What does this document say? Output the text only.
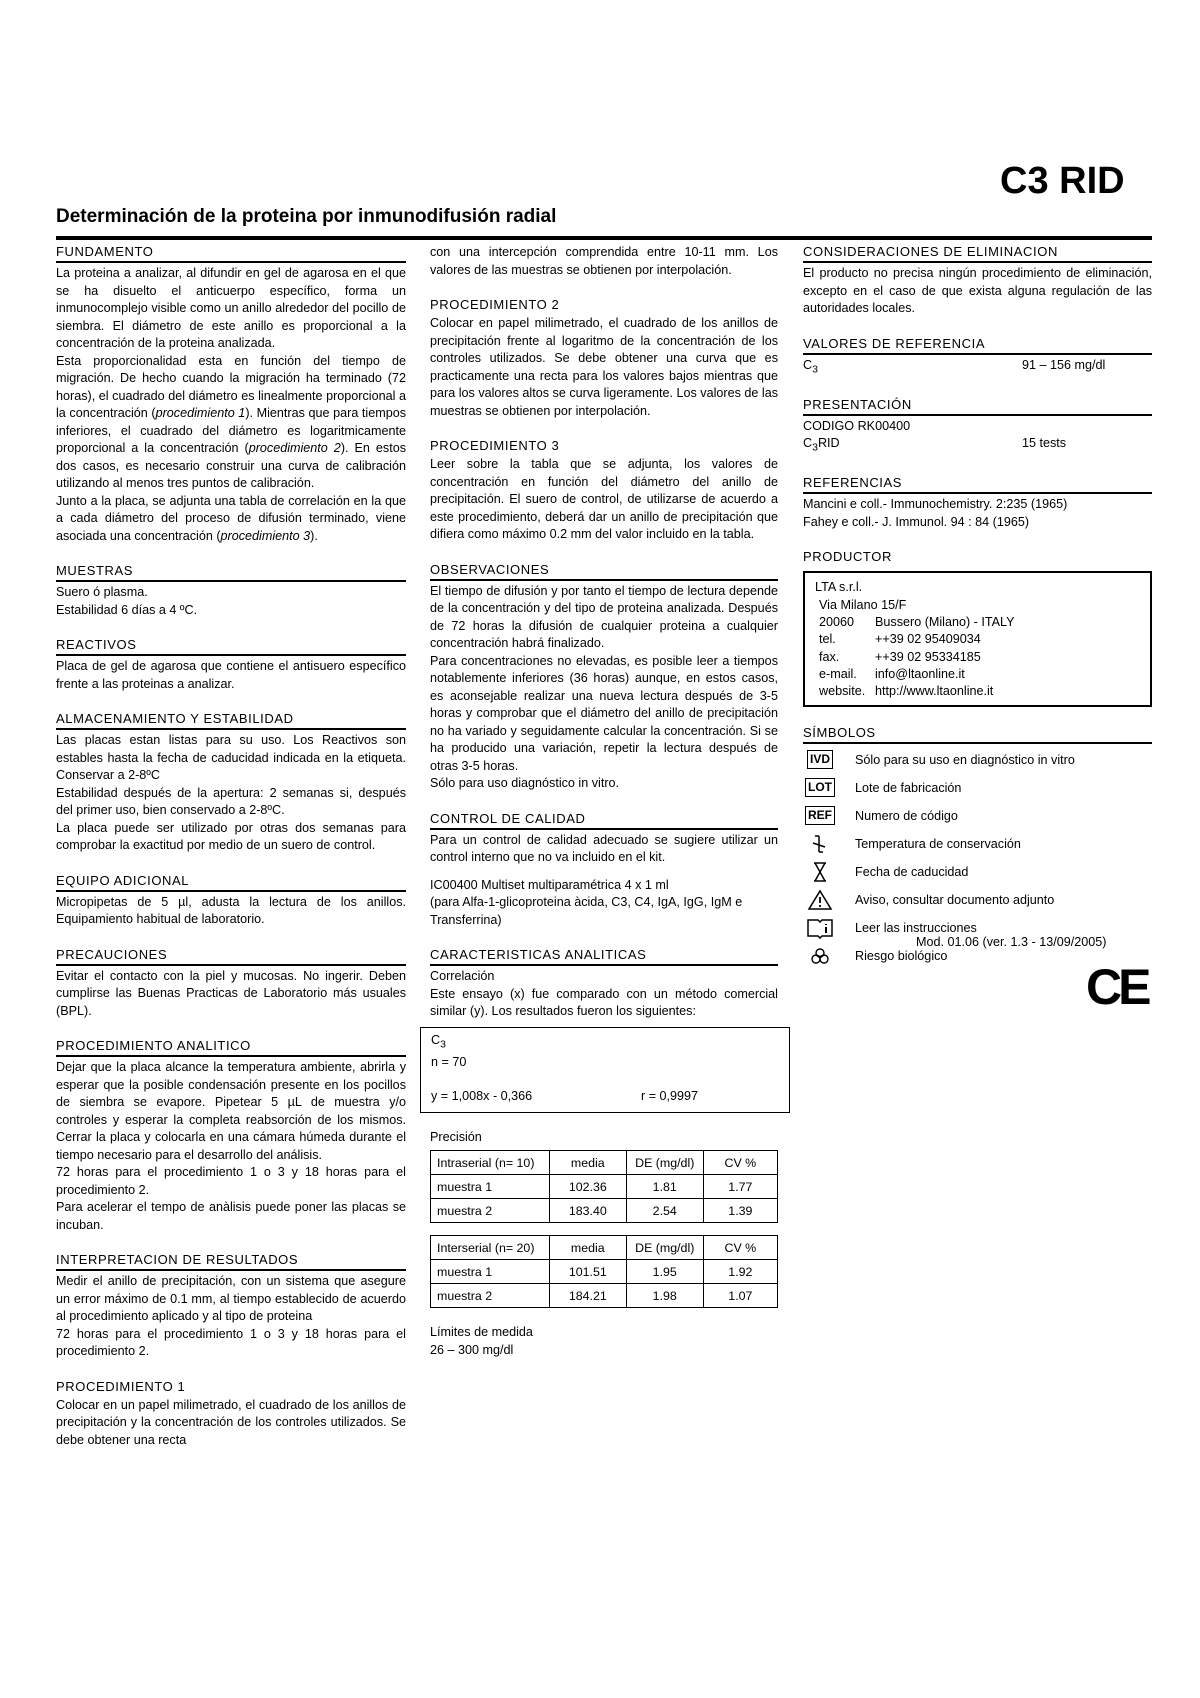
C3 RID
Determinación de la proteina por inmunodifusión radial
FUNDAMENTO

La proteina a analizar, al difundir en gel de agarosa en el que se ha disuelto el anticuerpo específico, forma un inmunocomplejo visible como un anillo alrededor del pocillo de siembra. El diámetro de este anillo es proporcional a la concentración de la proteina analizada.

Esta proporcionalidad esta en función del tiempo de migración. De hecho cuando la migración ha terminado (72 horas), el cuadrado del diámetro es linealmente proporcional a la concentración (procedimiento 1). Mientras que para tiempos inferiores, el cuadrado del diámetro es logaritmicamente proporcional a la concentración (procedimiento 2). En estos dos casos, es necesario construir una curva de calibración utilizando al menos tres puntos de calibración.

Junto a la placa, se adjunta una tabla de correlación en la que a cada diámetro del proceso de difusión terminado, viene asociada una concentración (procedimiento 3).

MUESTRAS

Suero ó plasma.

Estabilidad 6 días a 4 ºC.

REACTIVOS

Placa de gel de agarosa que contiene el antisuero específico frente a las proteinas a analizar.

ALMACENAMIENTO Y ESTABILIDAD

Las placas estan listas para su uso. Los Reactivos son estables hasta la fecha de caducidad indicada en la etiqueta. Conservar a 2-8ºC

Estabilidad después de la apertura: 2 semanas si, después del primer uso, bien conservado a 2-8ºC.

La placa puede ser utilizado por otras dos semanas para comprobar la exactitud por medio de un suero de control.

EQUIPO ADICIONAL

Micropipetas de 5 µl, adusta la lectura de los anillos. Equipamiento habitual de laboratorio.

PRECAUCIONES

Evitar el contacto con la piel y mucosas. No ingerir. Deben cumplirse las Buenas Practicas de Laboratorio más usuales (BPL).

PROCEDIMIENTO ANALITICO

Dejar que la placa alcance la temperatura ambiente, abrirla y esperar que la posible condensación presente en los pocillos de siembra se evapore. Pipetear 5 µL de muestra y/o controles y esperar la completa reabsorción de los mismos. Cerrar la placa y colocarla en una cámara húmeda durante el tiempo necesario para el desarrollo del análisis.

72 horas para el procedimiento 1 o 3 y 18 horas para el procedimiento 2.

Para acelerar el tempo de anàlisis puede poner las placas se incuban.

INTERPRETACION DE RESULTADOS

Medir el anillo de precipitación, con un sistema que asegure un error máximo de 0.1 mm, al tiempo establecido de acuerdo al procedimiento aplicado y al tipo de proteina

72 horas para el procedimiento 1 o 3 y 18 horas para el procedimiento 2.

PROCEDIMIENTO 1

Colocar en un papel milimetrado, el cuadrado de los anillos de precipitación y la concentración de los controles utilizados. Se debe obtener una recta

con una intercepción comprendida entre 10-11 mm. Los valores de las muestras se obtienen por interpolación.

PROCEDIMIENTO 2

Colocar en papel milimetrado, el cuadrado de los anillos de precipitación frente al logaritmo de la concentración de los controles utilizados. Se debe obtener una curva que es practicamente una recta para los valores bajos mientras que para los valores altos se curva ligeramente. Los valores de las muestras se obtienen por interpolación.

PROCEDIMIENTO 3

Leer sobre la tabla que se adjunta, los valores de concentración en función del diámetro del anillo de precipitación. El suero de control, de utilizarse de acuerdo a este procedimiento, deberá dar un anillo de precipitación que difiera como máximo 0.2 mm del valor incluido en la tabla.

OBSERVACIONES

El tiempo de difusión y por tanto el tiempo de lectura depende de la concentración y del tipo de proteina analizada. Después de 72 horas la difusión de cualquier proteina a cualquier concentración habrá finalizado.

Para concentraciones no elevadas, es posible leer a tiempos notablemente inferiores (36 horas) aunque, en estos casos, es aconsejable realizar una nueva lectura después de 3-5 horas y comprobar que el diámetro del anillo de precipitación no ha variado y seguidamente calcular la concentración. Si se ha producido una variación, repetir la lectura después de otras 3-5 horas.

Sólo para uso diagnóstico in vitro.

CONTROL DE CALIDAD

Para un control de calidad adecuado se sugiere utilizar un control interno que no va incluido en el kit.

IC00400 Multiset multiparamétrica 4 x 1 ml

(para Alfa-1-glicoproteina àcida, C3, C4, IgA, IgG, IgM e Transferrina)

CARACTERISTICAS ANALITICAS

Correlación

Este ensayo (x) fue comparado con un método comercial similar (y). Los resultados fueron los siguientes:

$C_3$
n = 70
y = 1,008x - 0,366	r = 0,9997

Precisión

Intraserial (n= 10)	media	DE (mg/dl)	CV %
muestra 1	102.36	1.81	1.77
muestra 2	183.40	2.54	1.39
Interserial (n= 20)	media	DE (mg/dl)	CV %
muestra 1	101.51	1.95	1.92
muestra 2	184.21	1.98	1.07

Límites de medida

26 – 300 mg/dl

CONSIDERACIONES DE ELIMINACION

El producto no precisa ningún procedimiento de eliminación, excepto en el caso de que exista alguna regulación de las autoridades locales.

VALORES DE REFERENCIA
$C_3$	91 – 156 mg/dl
PRESENTACIÓN

CODIGO RK00400

$C_3RID$	15 tests
REFERENCIAS

Mancini e coll.- Immunochemistry. 2:235 (1965)

Fahey e coll.- J. Immunol. 94 : 84 (1965)

PRODUCTOR
LTA s.r.l.
Via Milano 15/F
20060	Bussero (Milano) - ITALY
tel.	++39 02 95409034
fax.	++39 02 95334185
e-mail.	info@ltaonline.it
website. http://www.ltaonline.it
SÍMBOLOS
IVD Sólo para su uso en diagnóstico in vitro
LOT Lote de fabricación
REF Numero de código
Temperatura de conservación
Fecha de caducidad
Aviso, consultar documento adjunto
Leer las instrucciones
Riesgo biológico
Mod. 01.06 (ver. 1.3 - 13/09/2005)
CE
